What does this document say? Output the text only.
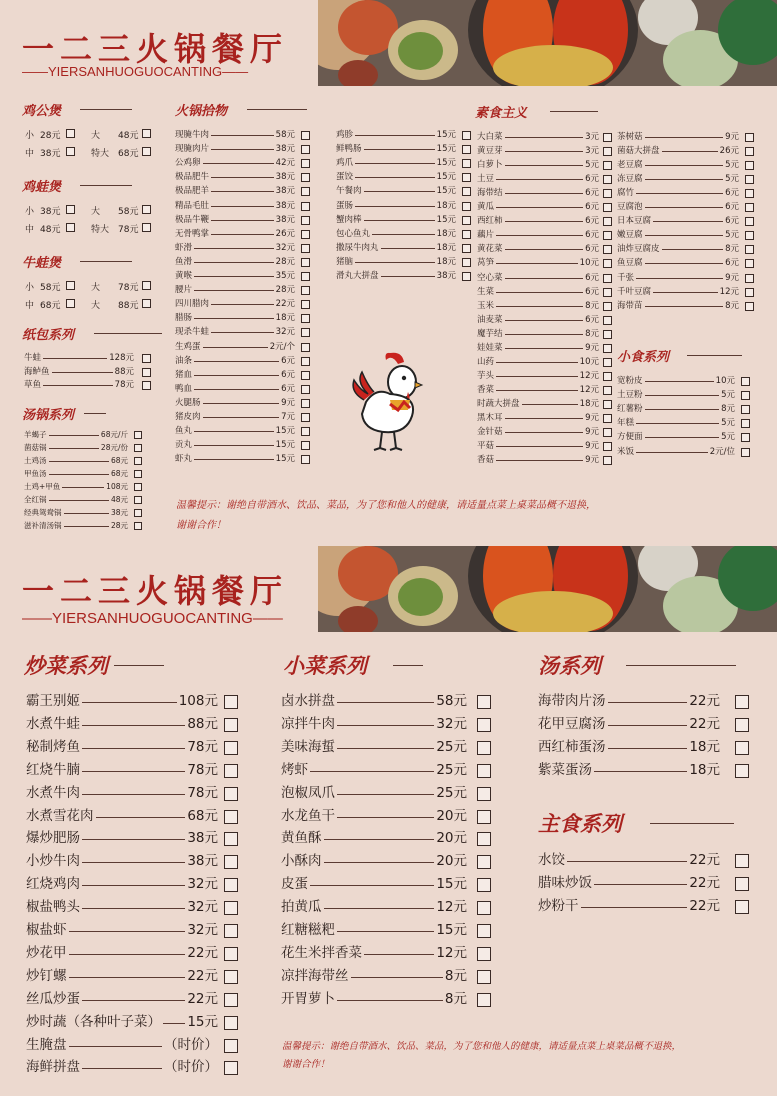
一二三火锅餐厅
——YIERSANHUOGUOCANTING——
鸡公煲
小 28元	大 48元
中 38元	特大 68元
鸡蛙煲
小 38元	大 58元
中 48元	特大 78元
牛蛙煲
小 58元	大 78元
中 68元	大 88元
纸包系列
牛蛙	128元
海鲈鱼	88元
草鱼	78元
汤锅系列
羊蝎子	68元/斤
菌菇锅	28元/份
土鸡汤	68元
甲鱼汤	68元
土鸡+甲鱼	108元
全红锅	48元
经典鸳鸯锅	38元
滋补清汤锅	28元
火锅拾物
现腌牛肉	58元
现腌肉片	38元
公鸡卵	42元
极品肥牛	38元
极品肥羊	38元
精品毛肚	38元
极品牛鞭	38元
无骨鸭掌	26元
虾滑	32元
鱼滑	28元
黄喉	35元
腰片	28元
四川腊肉	22元
腊肠	18元
现杀牛蛙	32元
生鸡蛋	2元/个
油条	6元
猪血	6元
鸭血	6元
火腿肠	9元
猪皮肉	7元
鱼丸	15元
贡丸	15元
虾丸	15元
鸡胗	15元
鲜鸭肠	15元
鸡爪	15元
蛋饺	15元
午餐肉	15元
蛋肠	18元
蟹肉棒	15元
包心鱼丸	18元
撒尿牛肉丸	18元
猪脑	18元
滑丸大拼盘	38元
素食主义
大白菜	3元
黄豆芽	3元
白萝卜	5元
土豆	6元
海带结	6元
黄瓜	6元
西红柿	6元
藕片	6元
黄花菜	6元
莴笋	10元
空心菜	6元
生菜	6元
玉米	8元
油麦菜	6元
魔芋结	8元
娃娃菜	9元
山药	10元
芋头	12元
香菜	12元
时蔬大拼盘	18元
黑木耳	9元
金针菇	9元
平菇	9元
香菇	9元
茶树菇	9元
菌菇大拼盘	26元
老豆腐	5元
冻豆腐	5元
腐竹	6元
豆腐泡	6元
日本豆腐	6元
嫩豆腐	5元
油炸豆腐皮	8元
鱼豆腐	6元
千张	9元
千叶豆腐	12元
海带苗	8元
小食系列
宽粉皮	10元
土豆粉	5元
红薯粉	8元
年糕	5元
方便面	5元
米饭	2元/位
温馨提示：谢绝自带酒水、饮品、菜品，为了您和他人的健康，请适量点菜上桌菜品概不退换，
谢谢合作！
一二三火锅餐厅
——YIERSANHUOGUOCANTING——
炒菜系列
霸王别姬	108元
水煮牛蛙	88元
秘制烤鱼	78元
红烧牛腩	78元
水煮牛肉	78元
水煮雪花肉	68元
爆炒肥肠	38元
小炒牛肉	38元
红烧鸡肉	32元
椒盐鸭头	32元
椒盐虾	32元
炒花甲	22元
炒钉螺	22元
丝瓜炒蛋	22元
炒时蔬（各种叶子菜） 15元
生腌盘	（时价）
海鲜拼盘	（时价）
小菜系列
卤水拼盘	58元
凉拌牛肉	32元
美味海蜇	25元
烤虾	25元
泡椒凤爪	25元
水龙鱼干	20元
黄鱼酥	20元
小酥肉	20元
皮蛋	15元
拍黄瓜	12元
红糖糍粑	15元
花生米拌香菜	12元
凉拌海带丝	8元
开胃萝卜	8元
汤系列
海带肉片汤	22元
花甲豆腐汤	22元
西红柿蛋汤	18元
紫菜蛋汤	18元
主食系列
水饺	22元
腊味炒饭	22元
炒粉干	22元
温馨提示：谢绝自带酒水、饮品、菜品，为了您和他人的健康，请适量点菜上桌菜品概不退换，
谢谢合作！
